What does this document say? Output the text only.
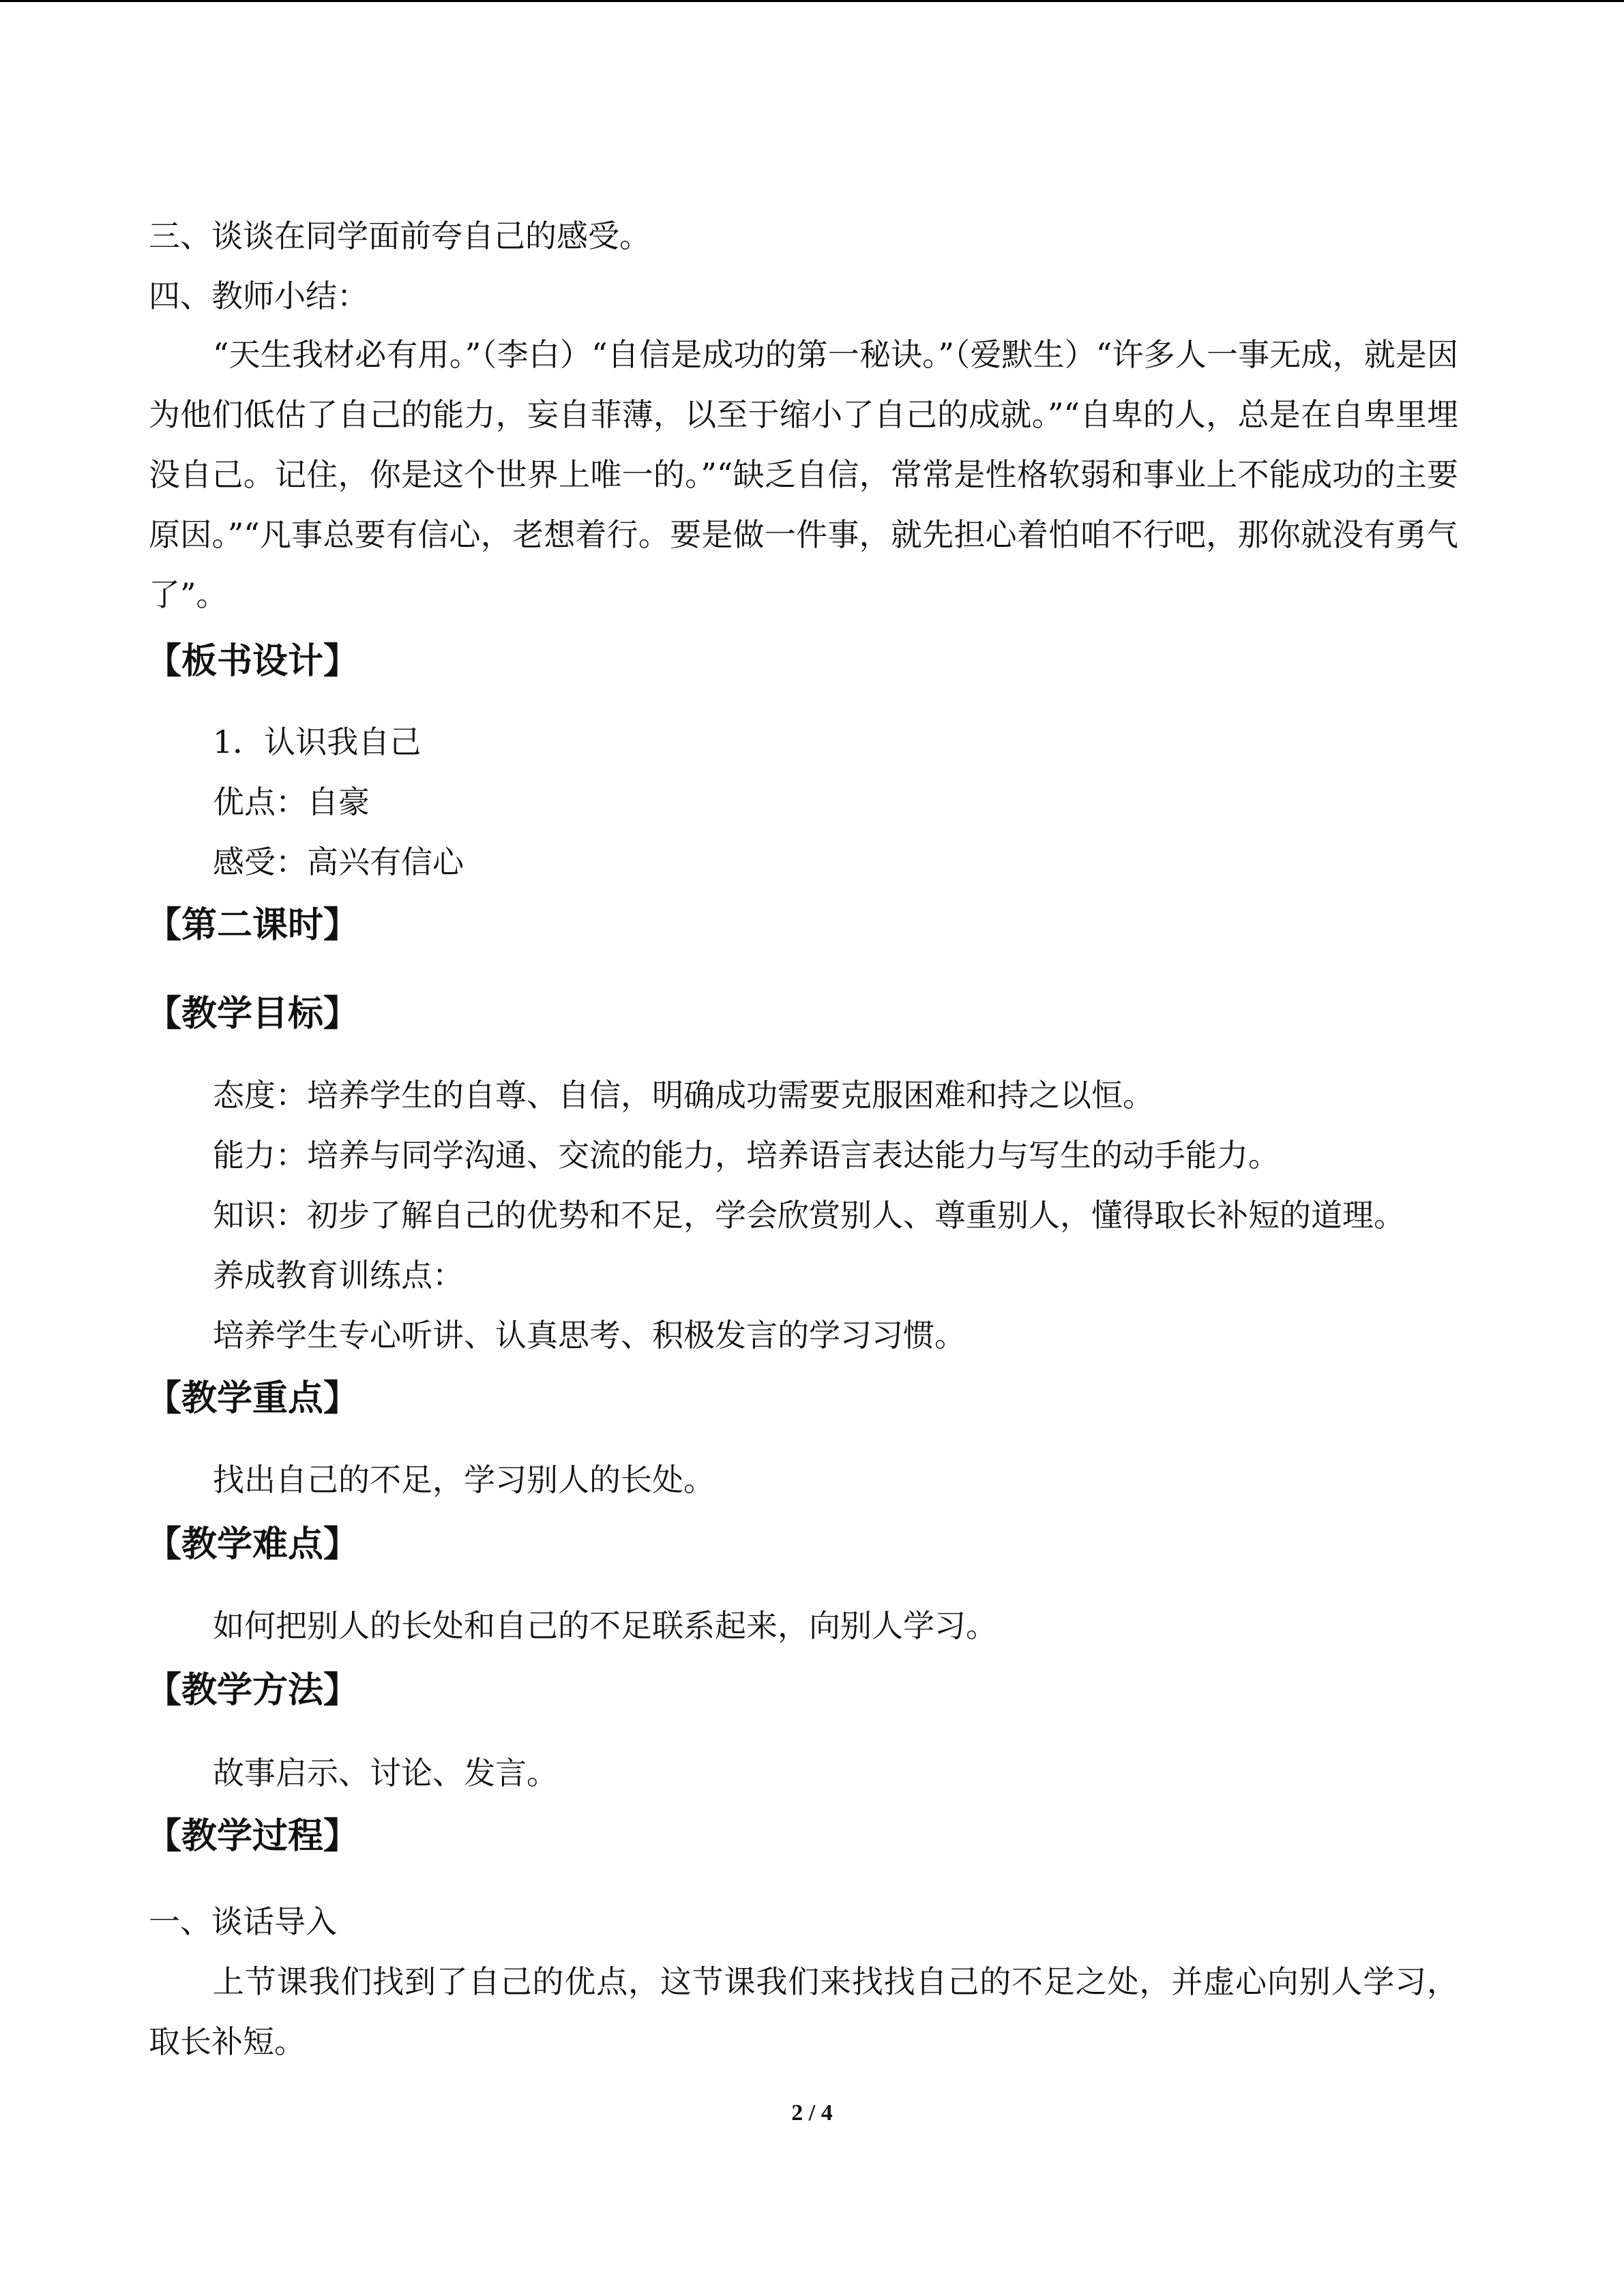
三、谈谈在同学面前夸自己的感受。
四、教师小结：
“天生我材必有用。”（李白）“自信是成功的第一秘诀。”（爱默生）“许多人一事无成，就是因为他们低估了自己的能力，妄自菲薄，以至于缩小了自己的成就。”“自卑的人，总是在自卑里埋没自己。记住，你是这个世界上唯一的。”“缺乏自信，常常是性格软弱和事业上不能成功的主要原因。”“凡事总要有信心，老想着行。要是做一件事，就先担心着怕咱不行吧，那你就没有勇气了”。
【板书设计】
1．认识我自己
优点：自豪
感受：高兴有信心
【第二课时】
【教学目标】
态度：培养学生的自尊、自信，明确成功需要克服困难和持之以恒。
能力：培养与同学沟通、交流的能力，培养语言表达能力与写生的动手能力。
知识：初步了解自己的优势和不足，学会欣赏别人、尊重别人，懂得取长补短的道理。
养成教育训练点：
培养学生专心听讲、认真思考、积极发言的学习习惯。
【教学重点】
找出自己的不足，学习别人的长处。
【教学难点】
如何把别人的长处和自己的不足联系起来，向别人学习。
【教学方法】
故事启示、讨论、发言。
【教学过程】
一、谈话导入
上节课我们找到了自己的优点，这节课我们来找找自己的不足之处，并虚心向别人学习，取长补短。
2 / 4
